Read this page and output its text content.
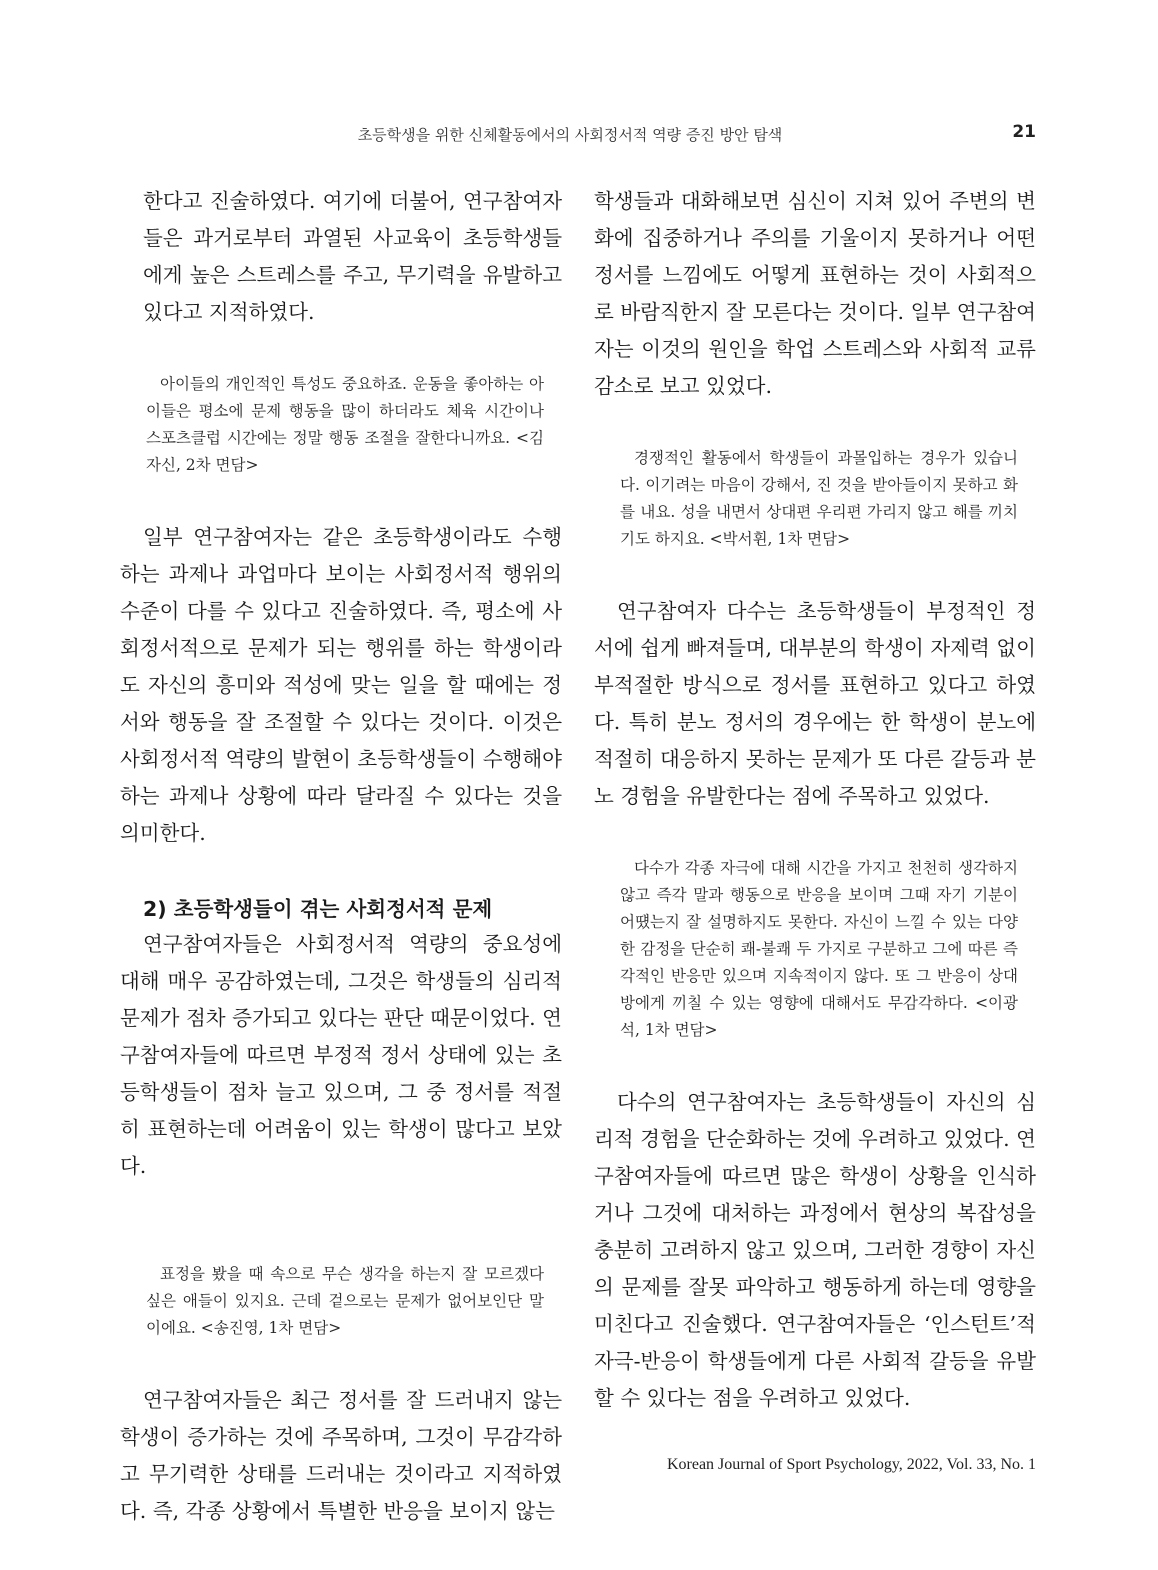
초등학생을 위한 신체활동에서의 사회정서적 역량 증진 방안 탐색	21

한다고 진술하였다. 여기에 더불어, 연구참여자들은 과거로부터 과열된 사교육이 초등학생들에게 높은 스트레스를 주고, 무기력을 유발하고 있다고 지적하였다.

아이들의 개인적인 특성도 중요하죠. 운동을 좋아하는 아이들은 평소에 문제 행동을 많이 하더라도 체육 시간이나 스포츠클럽 시간에는 정말 행동 조절을 잘한다니까요. <김자신, 2차 면담>

일부 연구참여자는 같은 초등학생이라도 수행하는 과제나 과업마다 보이는 사회정서적 행위의 수준이 다를 수 있다고 진술하였다. 즉, 평소에 사회정서적으로 문제가 되는 행위를 하는 학생이라도 자신의 흥미와 적성에 맞는 일을 할 때에는 정서와 행동을 잘 조절할 수 있다는 것이다. 이것은 사회정서적 역량의 발현이 초등학생들이 수행해야 하는 과제나 상황에 따라 달라질 수 있다는 것을 의미한다.

2) 초등학생들이 겪는 사회정서적 문제

연구참여자들은 사회정서적 역량의 중요성에 대해 매우 공감하였는데, 그것은 학생들의 심리적 문제가 점차 증가되고 있다는 판단 때문이었다. 연구참여자들에 따르면 부정적 정서 상태에 있는 초등학생들이 점차 늘고 있으며, 그 중 정서를 적절히 표현하는데 어려움이 있는 학생이 많다고 보았다.

표정을 봤을 때 속으로 무슨 생각을 하는지 잘 모르겠다 싶은 애들이 있지요. 근데 겉으로는 문제가 없어보인단 말이에요. <송진영, 1차 면담>

연구참여자들은 최근 정서를 잘 드러내지 않는 학생이 증가하는 것에 주목하며, 그것이 무감각하고 무기력한 상태를 드러내는 것이라고 지적하였다. 즉, 각종 상황에서 특별한 반응을 보이지 않는

학생들과 대화해보면 심신이 지쳐 있어 주변의 변화에 집중하거나 주의를 기울이지 못하거나 어떤 정서를 느낌에도 어떻게 표현하는 것이 사회적으로 바람직한지 잘 모른다는 것이다. 일부 연구참여자는 이것의 원인을 학업 스트레스와 사회적 교류 감소로 보고 있었다.

경쟁적인 활동에서 학생들이 과몰입하는 경우가 있습니다. 이기려는 마음이 강해서, 진 것을 받아들이지 못하고 화를 내요. 성을 내면서 상대편 우리편 가리지 않고 해를 끼치기도 하지요. <박서휜, 1차 면담>

연구참여자 다수는 초등학생들이 부정적인 정서에 쉽게 빠져들며, 대부분의 학생이 자제력 없이 부적절한 방식으로 정서를 표현하고 있다고 하였다. 특히 분노 정서의 경우에는 한 학생이 분노에 적절히 대응하지 못하는 문제가 또 다른 갈등과 분노 경험을 유발한다는 점에 주목하고 있었다.

다수가 각종 자극에 대해 시간을 가지고 천천히 생각하지 않고 즉각 말과 행동으로 반응을 보이며 그때 자기 기분이 어떘는지 잘 설명하지도 못한다. 자신이 느낄 수 있는 다양한 감정을 단순히 쾌-불쾌 두 가지로 구분하고 그에 따른 즉각적인 반응만 있으며 지속적이지 않다. 또 그 반응이 상대방에게 끼칠 수 있는 영향에 대해서도 무감각하다. <이광석, 1차 면담>

다수의 연구참여자는 초등학생들이 자신의 심리적 경험을 단순화하는 것에 우려하고 있었다. 연구참여자들에 따르면 많은 학생이 상황을 인식하거나 그것에 대처하는 과정에서 현상의 복잡성을 충분히 고려하지 않고 있으며, 그러한 경향이 자신의 문제를 잘못 파악하고 행동하게 하는데 영향을 미친다고 진술했다. 연구참여자들은 ‘인스턴트’적 자극-반응이 학생들에게 다른 사회적 갈등을 유발할 수 있다는 점을 우려하고 있었다.

Korean Journal of Sport Psychology, 2022, Vol. 33, No. 1
